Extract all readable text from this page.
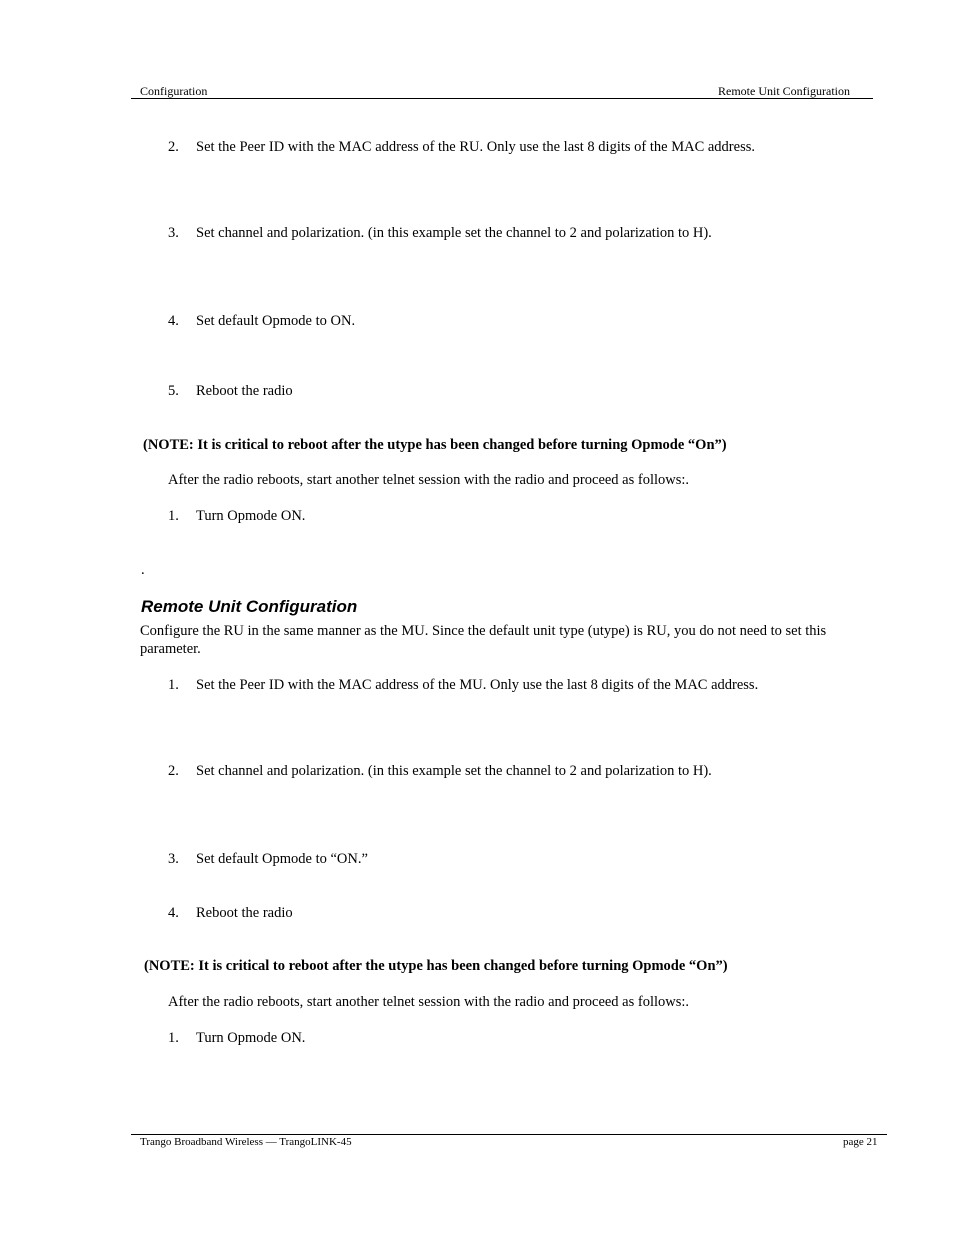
Configuration	Remote Unit Configuration
2. Set the Peer ID with the MAC address of the RU. Only use the last 8 digits of the MAC address.
3. Set channel and polarization. (in this example set the channel to 2 and polarization to H).
4. Set default Opmode to ON.
5. Reboot the radio
(NOTE: It is critical to reboot after the utype has been changed before turning Opmode “On”)
After the radio reboots, start another telnet session with the radio and proceed as follows:.
1. Turn Opmode ON.
.
Remote Unit Configuration
Configure the RU in the same manner as the MU. Since the default unit type (utype) is RU, you do not need to set this
parameter.
1. Set the Peer ID with the MAC address of the MU. Only use the last 8 digits of the MAC address.
2. Set channel and polarization. (in this example set the channel to 2 and polarization to H).
3. Set default Opmode to “ON.”
4. Reboot the radio
(NOTE: It is critical to reboot after the utype has been changed before turning Opmode “On”)
After the radio reboots, start another telnet session with the radio and proceed as follows:.
1. Turn Opmode ON.
Trango Broadband Wireless — TrangoLINK-45	page 21
